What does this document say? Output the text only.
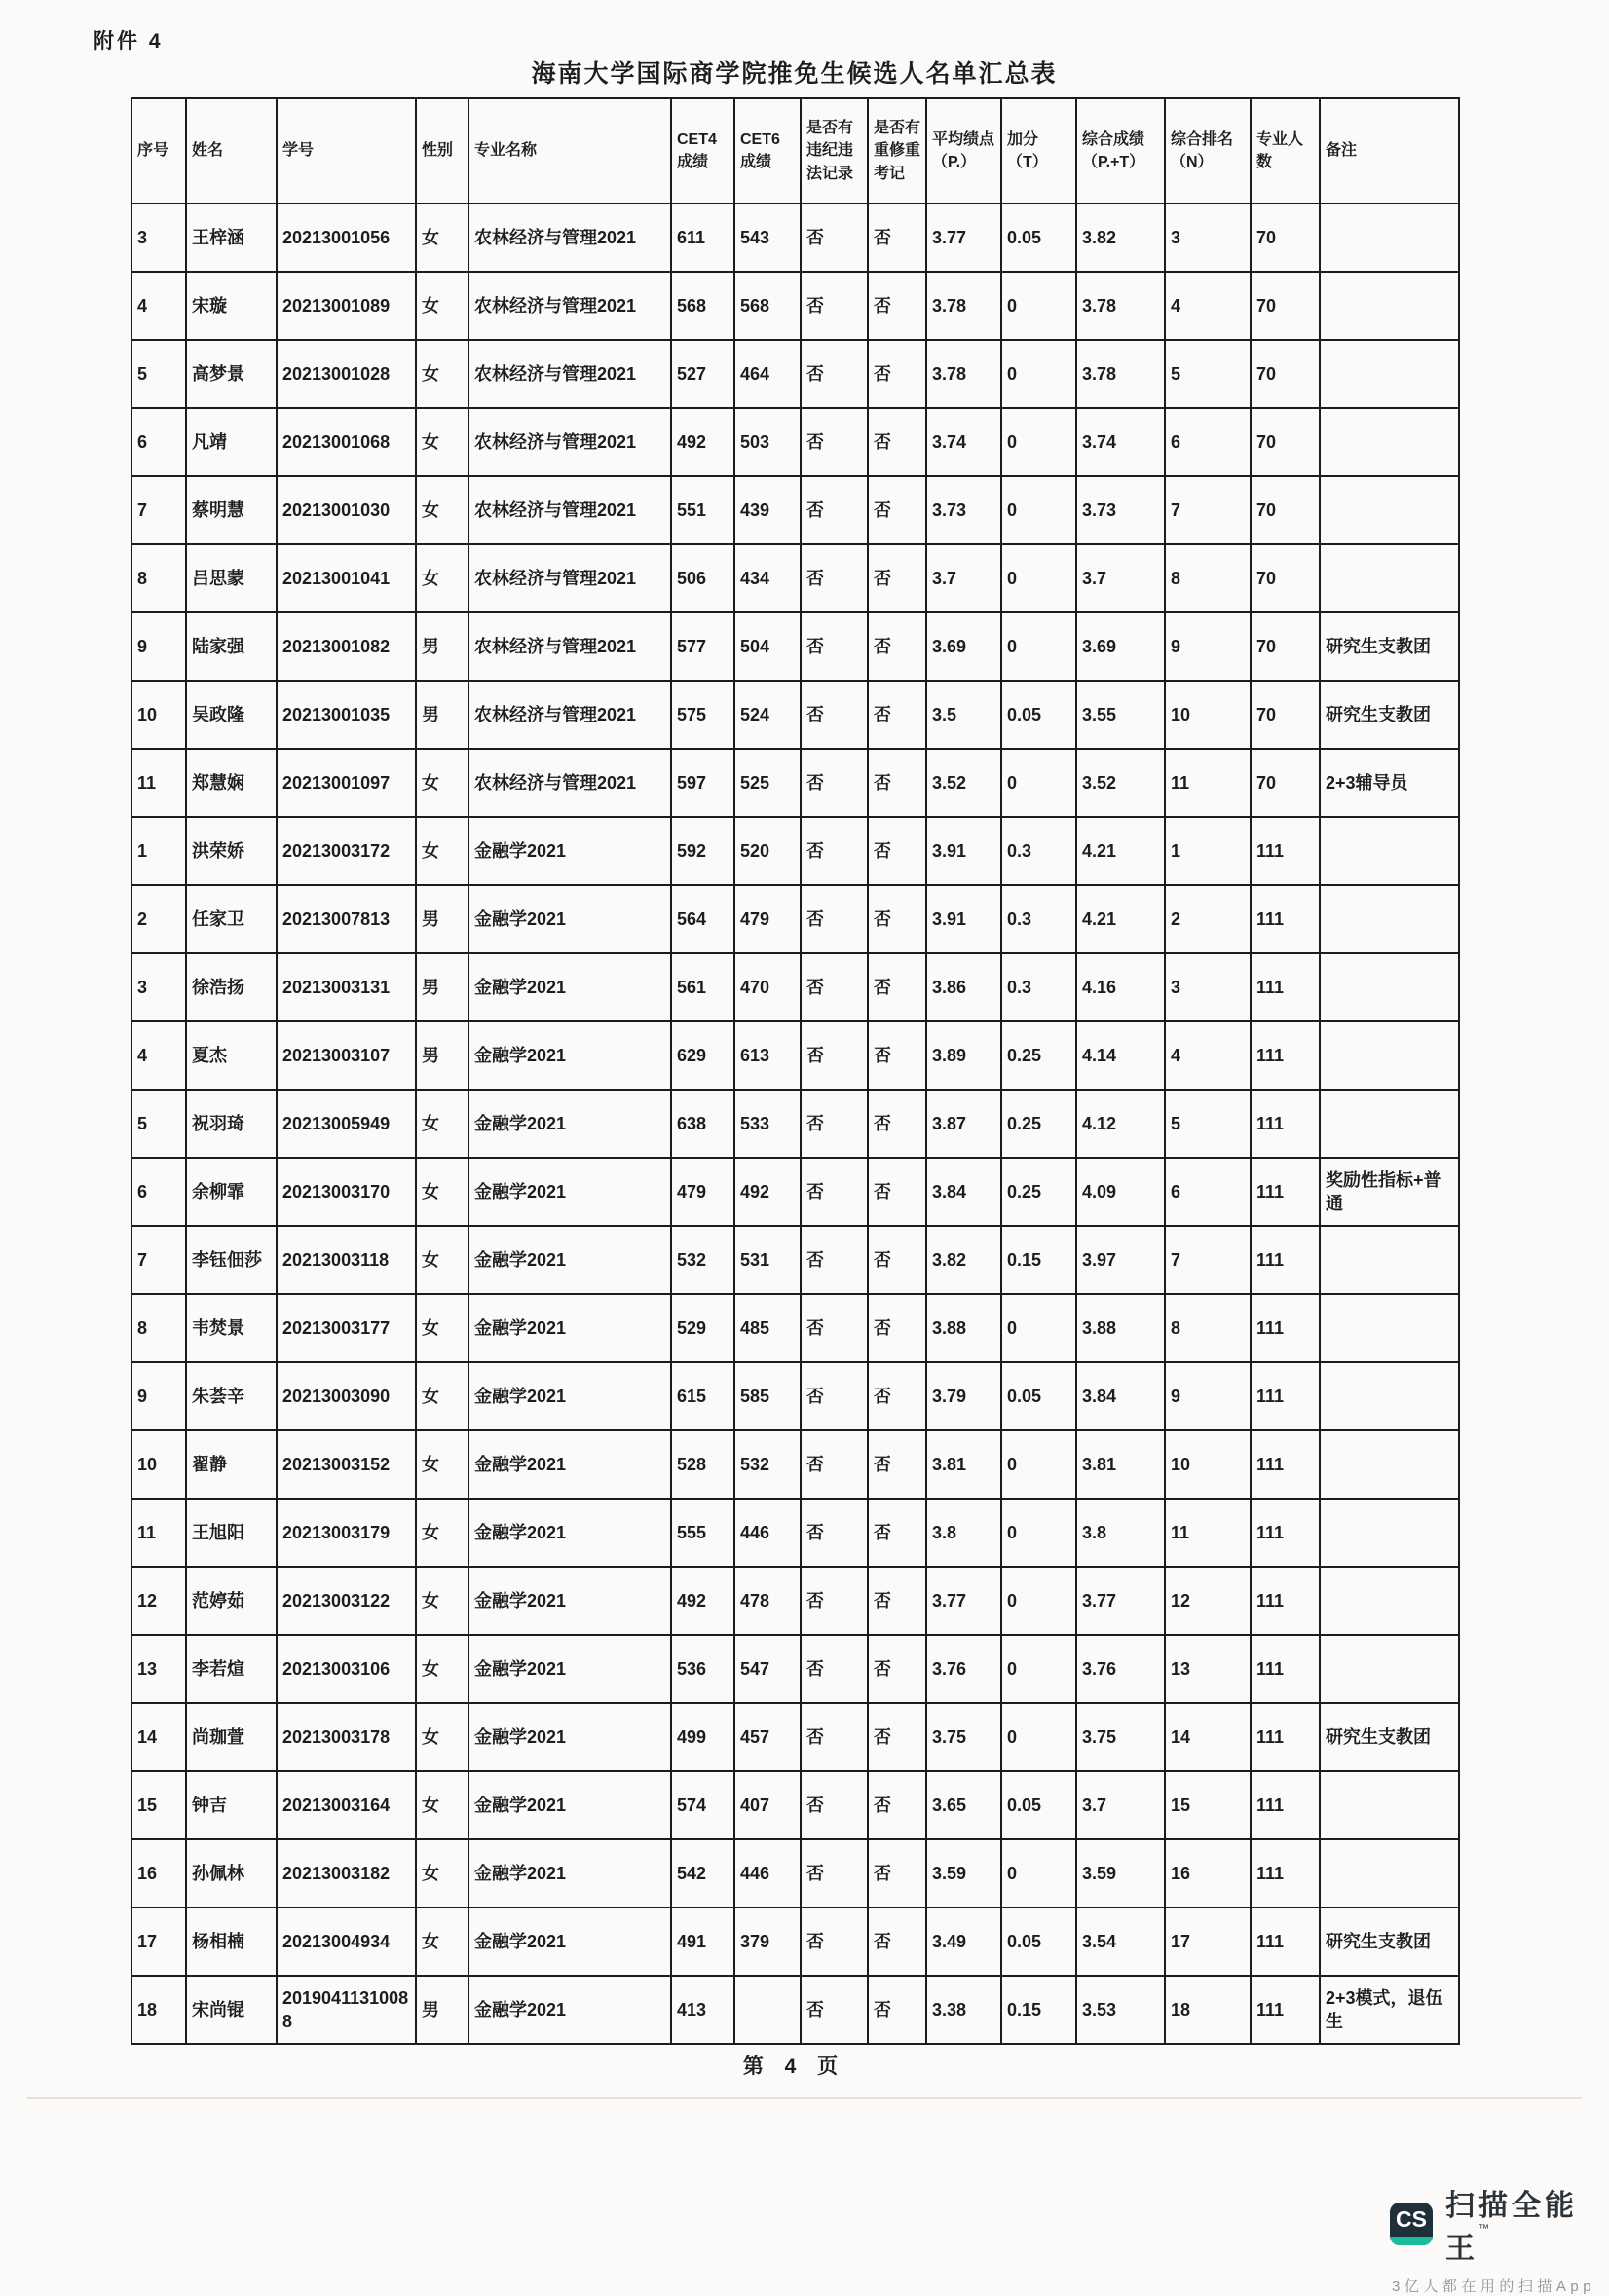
附件 4
海南大学国际商学院推免生候选人名单汇总表
序号	姓名	学号	性别	专业名称	CET4成绩	CET6成绩	是否有违纪违法记录	是否有重修重考记	平均绩点（P.）	加分（T）	综合成绩（P.+T）	综合排名（N）	专业人数	备注
3	王梓涵	20213001056	女	农林经济与管理2021	611	543	否	否	3.77	0.05	3.82	3	70	
4	宋璇	20213001089	女	农林经济与管理2021	568	568	否	否	3.78	0	3.78	4	70	
5	高梦景	20213001028	女	农林经济与管理2021	527	464	否	否	3.78	0	3.78	5	70	
6	凡靖	20213001068	女	农林经济与管理2021	492	503	否	否	3.74	0	3.74	6	70	
7	蔡明慧	20213001030	女	农林经济与管理2021	551	439	否	否	3.73	0	3.73	7	70	
8	吕思蒙	20213001041	女	农林经济与管理2021	506	434	否	否	3.7	0	3.7	8	70	
9	陆家强	20213001082	男	农林经济与管理2021	577	504	否	否	3.69	0	3.69	9	70	研究生支教团
10	吴政隆	20213001035	男	农林经济与管理2021	575	524	否	否	3.5	0.05	3.55	10	70	研究生支教团
11	郑慧娴	20213001097	女	农林经济与管理2021	597	525	否	否	3.52	0	3.52	11	70	2+3辅导员
1	洪荣娇	20213003172	女	金融学2021	592	520	否	否	3.91	0.3	4.21	1	111	
2	任家卫	20213007813	男	金融学2021	564	479	否	否	3.91	0.3	4.21	2	111	
3	徐浩扬	20213003131	男	金融学2021	561	470	否	否	3.86	0.3	4.16	3	111	
4	夏杰	20213003107	男	金融学2021	629	613	否	否	3.89	0.25	4.14	4	111	
5	祝羽琦	20213005949	女	金融学2021	638	533	否	否	3.87	0.25	4.12	5	111	
6	余柳霏	20213003170	女	金融学2021	479	492	否	否	3.84	0.25	4.09	6	111	奖励性指标+普通
7	李钰佃莎	20213003118	女	金融学2021	532	531	否	否	3.82	0.15	3.97	7	111	
8	韦焚景	20213003177	女	金融学2021	529	485	否	否	3.88	0	3.88	8	111	
9	朱荟辛	20213003090	女	金融学2021	615	585	否	否	3.79	0.05	3.84	9	111	
10	翟静	20213003152	女	金融学2021	528	532	否	否	3.81	0	3.81	10	111	
11	王旭阳	20213003179	女	金融学2021	555	446	否	否	3.8	0	3.8	11	111	
12	范婷茹	20213003122	女	金融学2021	492	478	否	否	3.77	0	3.77	12	111	
13	李若煊	20213003106	女	金融学2021	536	547	否	否	3.76	0	3.76	13	111	
14	尚珈萱	20213003178	女	金融学2021	499	457	否	否	3.75	0	3.75	14	111	研究生支教团
15	钟吉	20213003164	女	金融学2021	574	407	否	否	3.65	0.05	3.7	15	111	
16	孙佩林	20213003182	女	金融学2021	542	446	否	否	3.59	0	3.59	16	111	
17	杨相楠	20213004934	女	金融学2021	491	379	否	否	3.49	0.05	3.54	17	111	研究生支教团
18	宋尚锟	20190411310088	男	金融学2021	413		否	否	3.38	0.15	3.53	18	111	2+3模式，退伍生
第 4 页
CS 扫描全能王™
3亿人都在用的扫描App
